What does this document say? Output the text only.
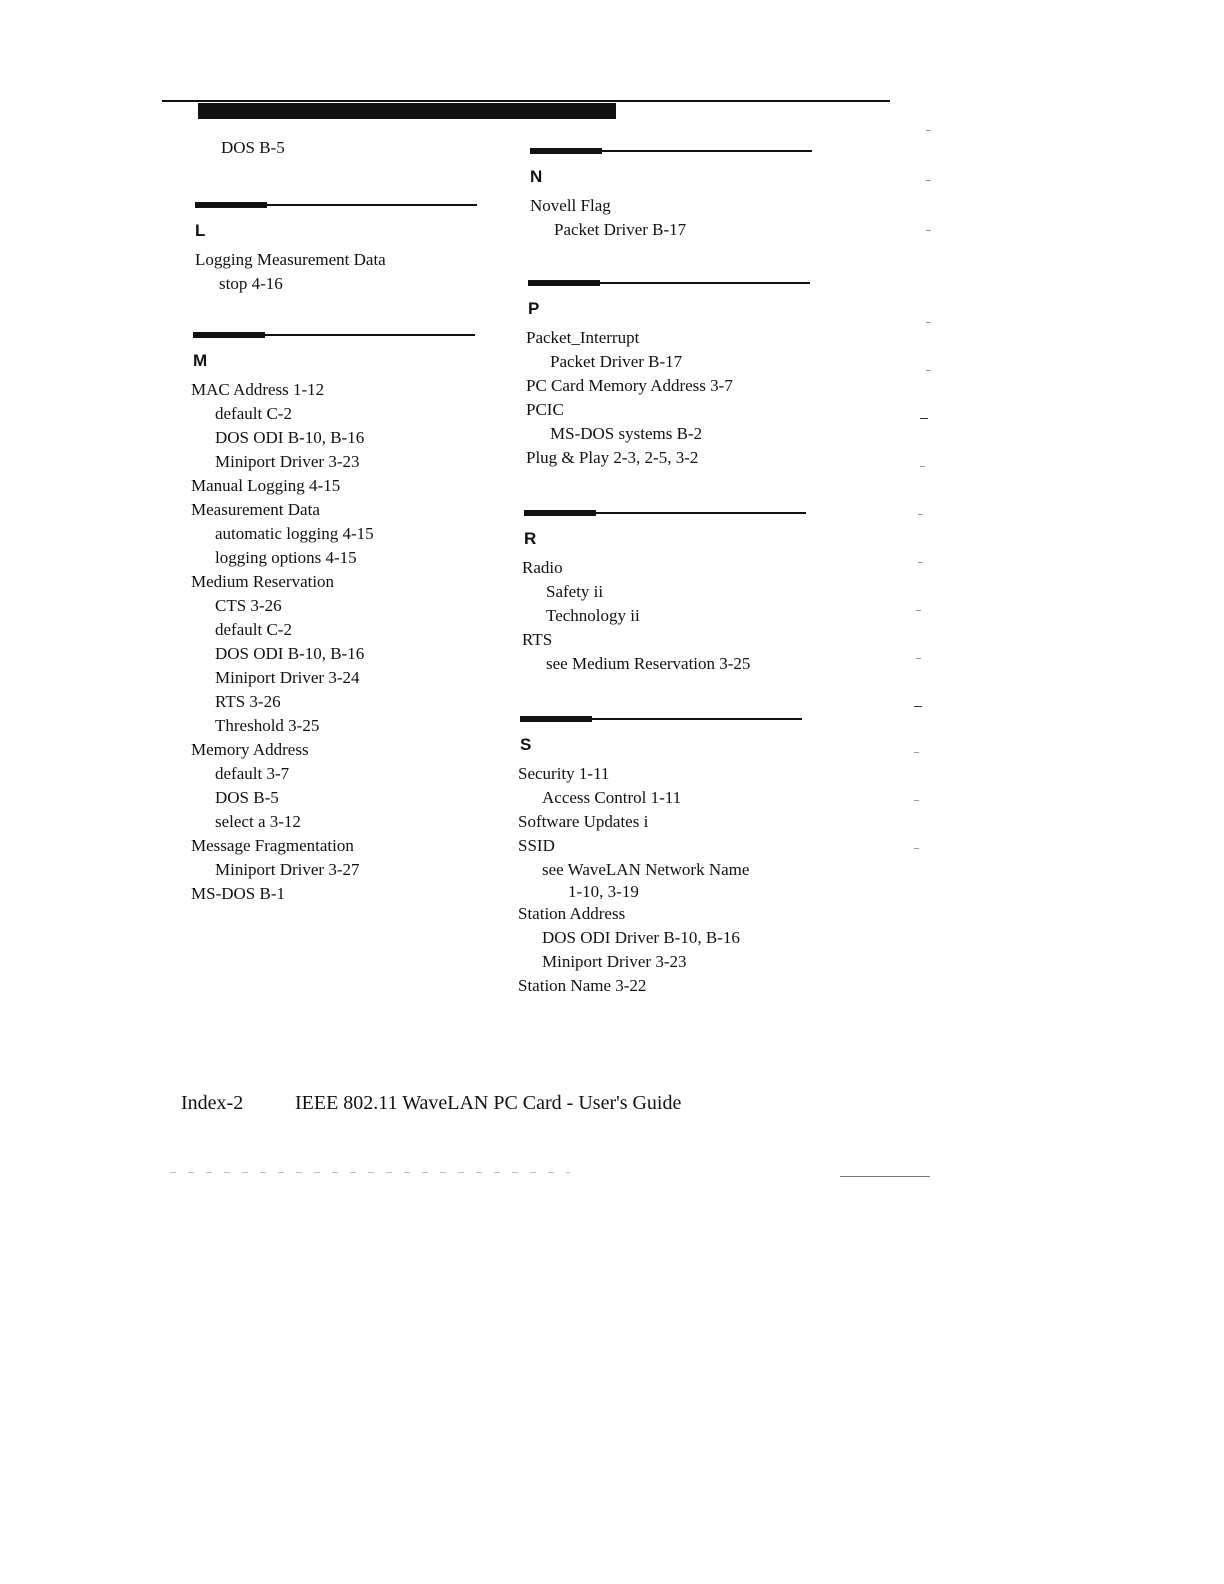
DOS B-5
L
Logging Measurement Data
stop 4-16
M
MAC Address 1-12
default C-2
DOS ODI B-10, B-16
Miniport Driver 3-23
Manual Logging 4-15
Measurement Data
automatic logging 4-15
logging options 4-15
Medium Reservation
CTS 3-26
default C-2
DOS ODI B-10, B-16
Miniport Driver 3-24
RTS 3-26
Threshold 3-25
Memory Address
default 3-7
DOS B-5
select a 3-12
Message Fragmentation
Miniport Driver 3-27
MS-DOS B-1
N
Novell Flag
Packet Driver B-17
P
Packet_Interrupt
Packet Driver B-17
PC Card Memory Address 3-7
PCIC
MS-DOS systems B-2
Plug & Play 2-3, 2-5, 3-2
R
Radio
Safety ii
Technology ii
RTS
see Medium Reservation 3-25
S
Security 1-11
Access Control 1-11
Software Updates i
SSID
see WaveLAN Network Name
1-10, 3-19
Station Address
DOS ODI Driver B-10, B-16
Miniport Driver 3-23
Station Name 3-22
Index-2	IEEE 802.11 WaveLAN PC Card - User's Guide
